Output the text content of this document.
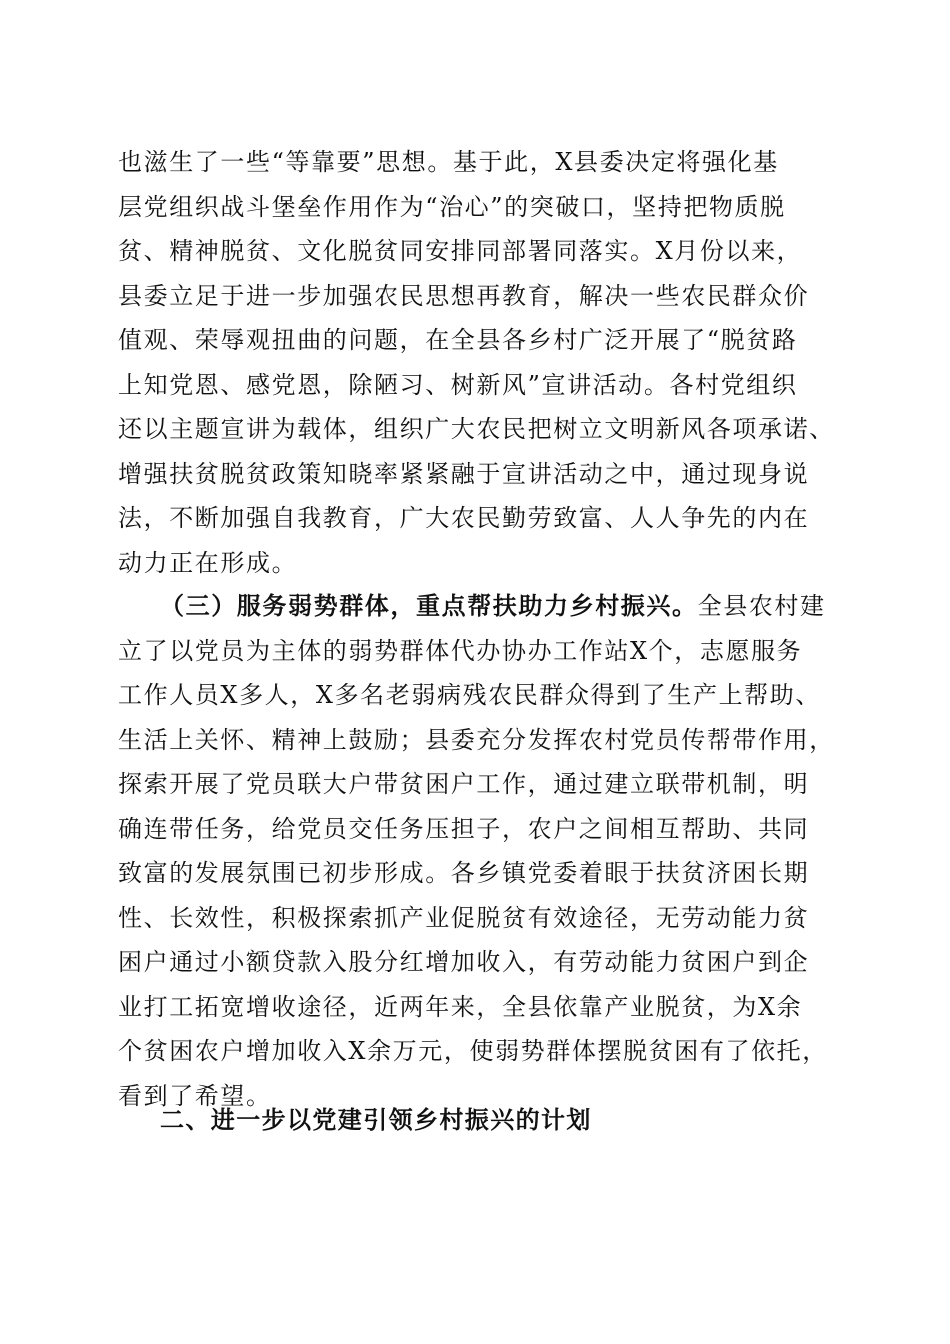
也滋生了一些“等靠要”思想。基于此，X县委决定将强化基
层党组织战斗堡垒作用作为“治心”的突破口，坚持把物质脱
贫、精神脱贫、文化脱贫同安排同部署同落实。X月份以来，
县委立足于进一步加强农民思想再教育，解决一些农民群众价
值观、荣辱观扭曲的问题，在全县各乡村广泛开展了“脱贫路
上知党恩、感党恩，除陋习、树新风”宣讲活动。各村党组织
还以主题宣讲为载体，组织广大农民把树立文明新风各项承诺、
增强扶贫脱贫政策知晓率紧紧融于宣讲活动之中，通过现身说
法，不断加强自我教育，广大农民勤劳致富、人人争先的内在
动力正在形成。
（三）服务弱势群体，重点帮扶助力乡村振兴。全县农村建
立了以党员为主体的弱势群体代办协办工作站X个，志愿服务
工作人员X多人，X多名老弱病残农民群众得到了生产上帮助、
生活上关怀、精神上鼓励；县委充分发挥农村党员传帮带作用，
探索开展了党员联大户带贫困户工作，通过建立联带机制，明
确连带任务，给党员交任务压担子，农户之间相互帮助、共同
致富的发展氛围已初步形成。各乡镇党委着眼于扶贫济困长期
性、长效性，积极探索抓产业促脱贫有效途径，无劳动能力贫
困户通过小额贷款入股分红增加收入，有劳动能力贫困户到企
业打工拓宽增收途径，近两年来，全县依靠产业脱贫，为X余
个贫困农户增加收入X余万元，使弱势群体摆脱贫困有了依托，
看到了希望。
二、进一步以党建引领乡村振兴的计划
